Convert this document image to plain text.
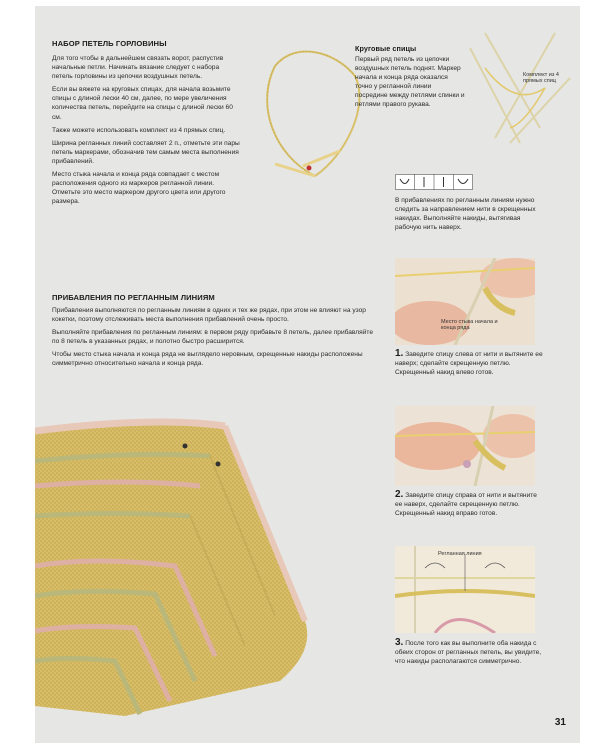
НАБОР ПЕТЕЛЬ ГОРЛОВИНЫ

Для того чтобы в дальнейшем связать ворот, распустив начальные петли. Начинать вязание следует с набора петель горловины из цепочки воздушных петель.

Если вы вяжете на круговых спицах, для начала возьмите спицы с длиной лески 40 см, далее, по мере увеличения количества петель, перейдите на спицы с длиной лески 60 см.

Также можете использовать комплект из 4 прямых спиц.

Ширина регланных линий составляет 2 п., отметьте эти пары петель маркерами, обозначив тем самым места выполнения прибавлений.

Место стыка начала и конца ряда совпадает с местом расположения одного из маркеров регланной линии. Отметьте это место маркером другого цвета или другого размера.

Круговые спицы
Первый ряд петель из цепочки воздушных петель поднят. Маркер начала и конца ряда оказался точно у регланной линии посредине между петлями спинки и петлями правого рукава.
Комплект из 4 прямых спиц
ПРИБАВЛЕНИЯ ПО РЕГЛАННЫМ ЛИНИЯМ

Прибавления выполняются по регланным линиям в одних и тех же рядах, при этом не влияют на узор кокетки, поэтому отслеживать места выполнения прибавлений очень просто.

Выполняйте прибавления по регланным линиям: в первом ряду прибавьте 8 петель, далее прибавляйте по 8 петель в указанных рядах, и полотно быстро расширится.

Чтобы место стыка начала и конца ряда не выглядело неровным, скрещенные накиды расположены симметрично относительно начала и конца ряда.

В прибавлениях по регланным линиям нужно следить за направлением нити в скрещенных накидах. Выполняйте накиды, вытягивая рабочую нить наверх.
Место стыка начала и конца ряда
1. Заведите спицу слева от нити и вытяните ее наверх; сделайте скрещенную петлю. Скрещенный накид влево готов.
2. Заведите спицу справа от нити и вытяните ее наверх, сделайте скрещенную петлю. Скрещенный накид вправо готов.
Регланная линия
3. После того как вы выполните оба накида с обеих сторон от регланных петель, вы увидите, что накиды располагаются симметрично.
31
